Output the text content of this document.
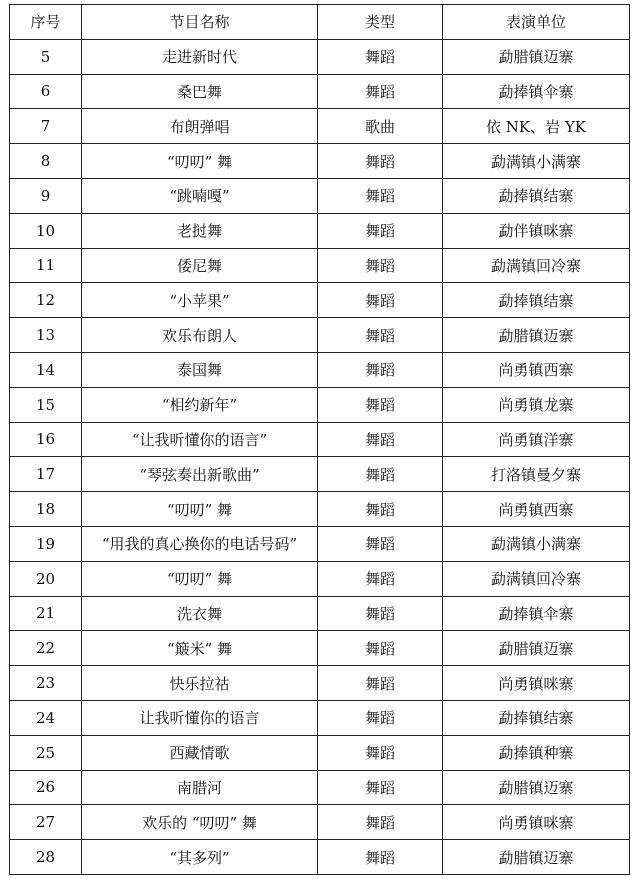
序号	节目名称	类型	表演单位
5	走进新时代	舞蹈	勐腊镇迈寨
6	桑巴舞	舞蹈	勐捧镇伞寨
7	布朗弹唱	歌曲	依 NK、岩 YK
8	“叨叨” 舞	舞蹈	勐满镇小满寨
9	“跳喃嘎”	舞蹈	勐捧镇结寨
10	老挝舞	舞蹈	勐伴镇咪寨
11	倭尼舞	舞蹈	勐满镇回冷寨
12	“小苹果”	舞蹈	勐捧镇结寨
13	欢乐布朗人	舞蹈	勐腊镇迈寨
14	泰国舞	舞蹈	尚勇镇西寨
15	“相约新年”	舞蹈	尚勇镇龙寨
16	“让我听懂你的语言”	舞蹈	尚勇镇洋寨
17	“琴弦奏出新歌曲”	舞蹈	打洛镇曼夕寨
18	“叨叨” 舞	舞蹈	尚勇镇西寨
19	“用我的真心换你的电话号码”	舞蹈	勐满镇小满寨
20	“叨叨” 舞	舞蹈	勐满镇回冷寨
21	洗衣舞	舞蹈	勐捧镇伞寨
22	“簸米” 舞	舞蹈	勐腊镇迈寨
23	快乐拉祜	舞蹈	尚勇镇咪寨
24	让我听懂你的语言	舞蹈	勐捧镇结寨
25	西藏情歌	舞蹈	勐捧镇种寨
26	南腊河	舞蹈	勐腊镇迈寨
27	欢乐的 “叨叨” 舞	舞蹈	尚勇镇咪寨
28	“其多列”	舞蹈	勐腊镇迈寨
